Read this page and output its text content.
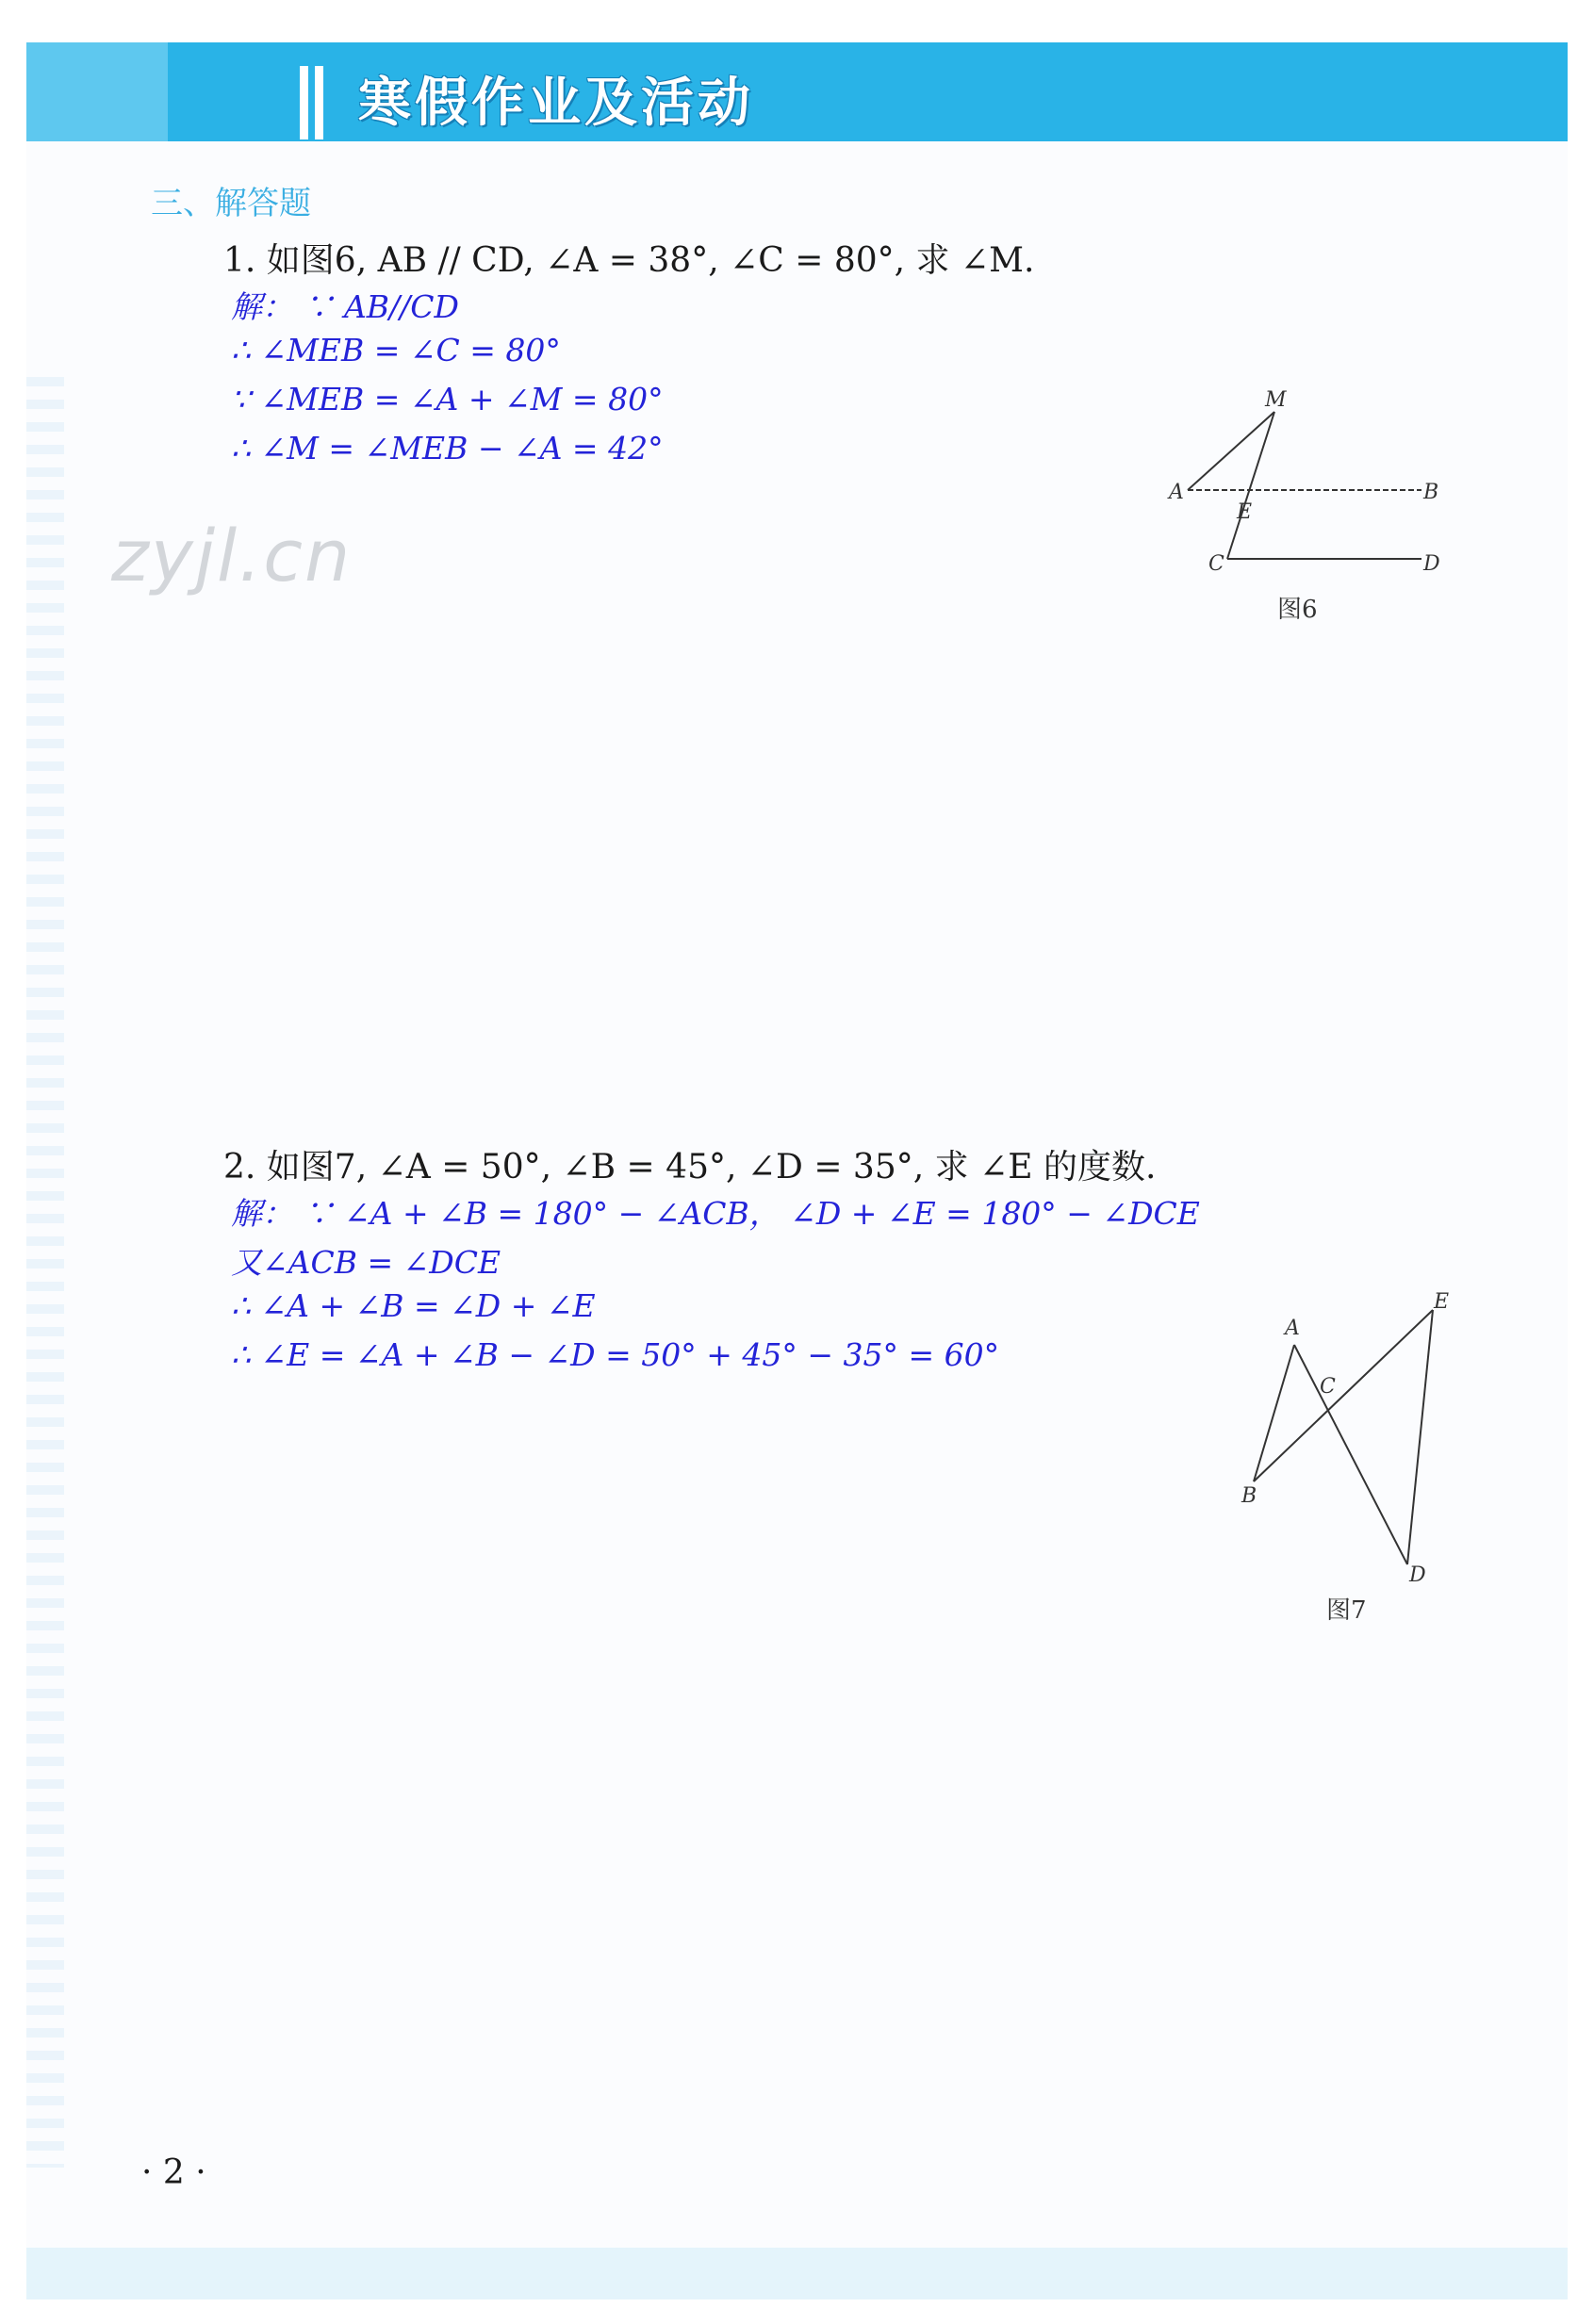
寒假作业及活动
三、解答题
1. 如图6, AB // CD, ∠A = 38°, ∠C = 80°, 求 ∠M.
解： ∵ AB//CD
∴ ∠MEB = ∠C = 80°
∵ ∠MEB = ∠A + ∠M = 80°
∴ ∠M = ∠MEB − ∠A = 42°
zyjl.cn
M
A	B
E
C	D
图6
2. 如图7, ∠A = 50°, ∠B = 45°, ∠D = 35°, 求 ∠E 的度数.
解： ∵ ∠A + ∠B = 180° − ∠ACB， ∠D + ∠E = 180° − ∠DCE
又∠ACB = ∠DCE
∴ ∠A + ∠B = ∠D + ∠E
∴ ∠E = ∠A + ∠B − ∠D = 50° + 45° − 35° = 60°
A
B
C
D
E
图7
· 2 ·
